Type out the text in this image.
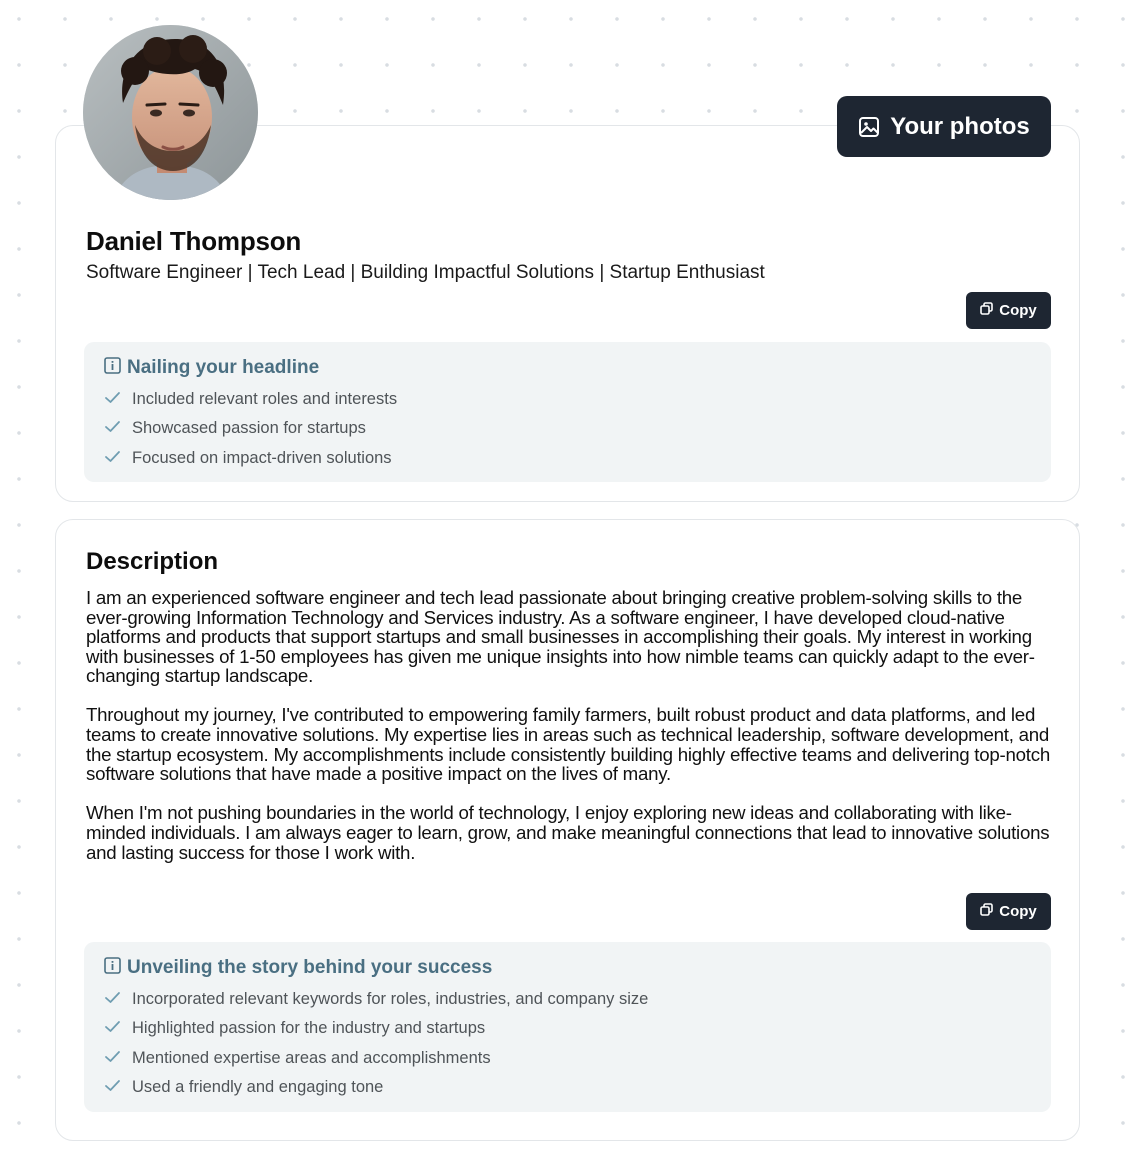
Your photos
Daniel Thompson
Software Engineer | Tech Lead | Building Impactful Solutions | Startup Enthusiast
Copy
Nailing your headline
Included relevant roles and interests
Showcased passion for startups
Focused on impact-driven solutions
Description

I am an experienced software engineer and tech lead passionate about bringing creative problem-solving skills to the ever-growing Information Technology and Services industry. As a software engineer, I have developed cloud-native platforms and products that support startups and small businesses in accomplishing their goals. My interest in working with businesses of 1-50 employees has given me unique insights into how nimble teams can quickly adapt to the ever-changing startup landscape.

Throughout my journey, I've contributed to empowering family farmers, built robust product and data platforms, and led teams to create innovative solutions. My expertise lies in areas such as technical leadership, software development, and the startup ecosystem. My accomplishments include consistently building highly effective teams and delivering top-notch software solutions that have made a positive impact on the lives of many.

When I'm not pushing boundaries in the world of technology, I enjoy exploring new ideas and collaborating with like-minded individuals. I am always eager to learn, grow, and make meaningful connections that lead to innovative solutions and lasting success for those I work with.

Copy
Unveiling the story behind your success
Incorporated relevant keywords for roles, industries, and company size
Highlighted passion for the industry and startups
Mentioned expertise areas and accomplishments
Used a friendly and engaging tone
